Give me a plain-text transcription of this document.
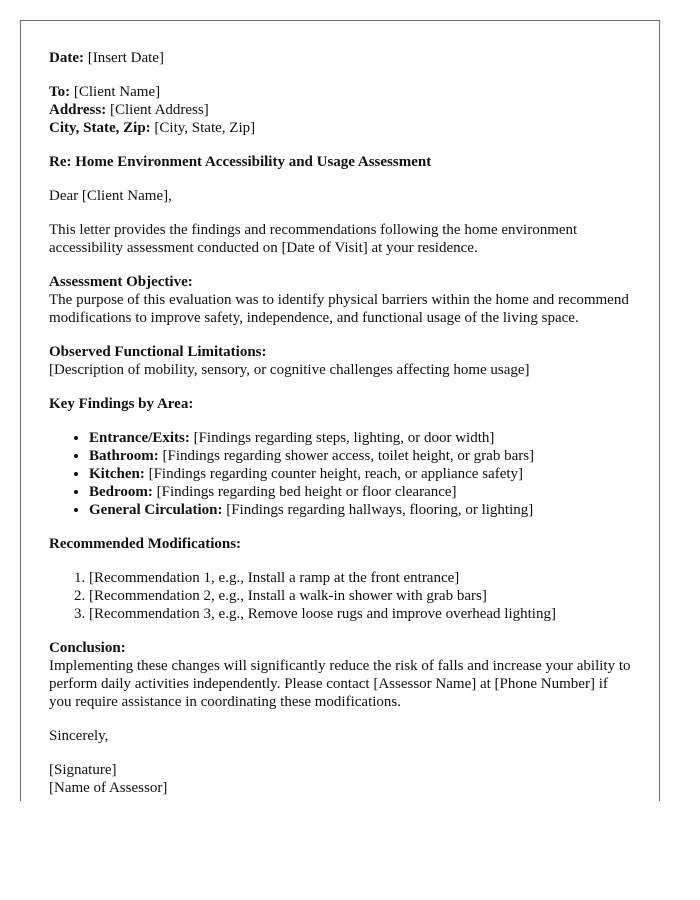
Date: [Insert Date]
To: [Client Name]
Address: [Client Address]
City, State, Zip: [City, State, Zip]

Re: Home Environment Accessibility and Usage Assessment

Dear [Client Name],

This letter provides the findings and recommendations following the home environment accessibility assessment conducted on [Date of Visit] at your residence.

Assessment Objective:
The purpose of this evaluation was to identify physical barriers within the home and recommend modifications to improve safety, independence, and functional usage of the living space.
Observed Functional Limitations:
[Description of mobility, sensory, or cognitive challenges affecting home usage]

Key Findings by Area:

• Entrance/Exits: [Findings regarding steps, lighting, or door width]
• Bathroom: [Findings regarding shower access, toilet height, or grab bars]
• Kitchen: [Findings regarding counter height, reach, or appliance safety]
• Bedroom: [Findings regarding bed height or floor clearance]
• General Circulation: [Findings regarding hallways, flooring, or lighting]

Recommended Modifications:

1. [Recommendation 1, e.g., Install a ramp at the front entrance]
2. [Recommendation 2, e.g., Install a walk-in shower with grab bars]
3. [Recommendation 3, e.g., Remove loose rugs and improve overhead lighting]
Conclusion:
Implementing these changes will significantly reduce the risk of falls and increase your ability to perform daily activities independently. Please contact [Assessor Name] at [Phone Number] if you require assistance in coordinating these modifications.

Sincerely,

[Signature]
[Name of Assessor]
